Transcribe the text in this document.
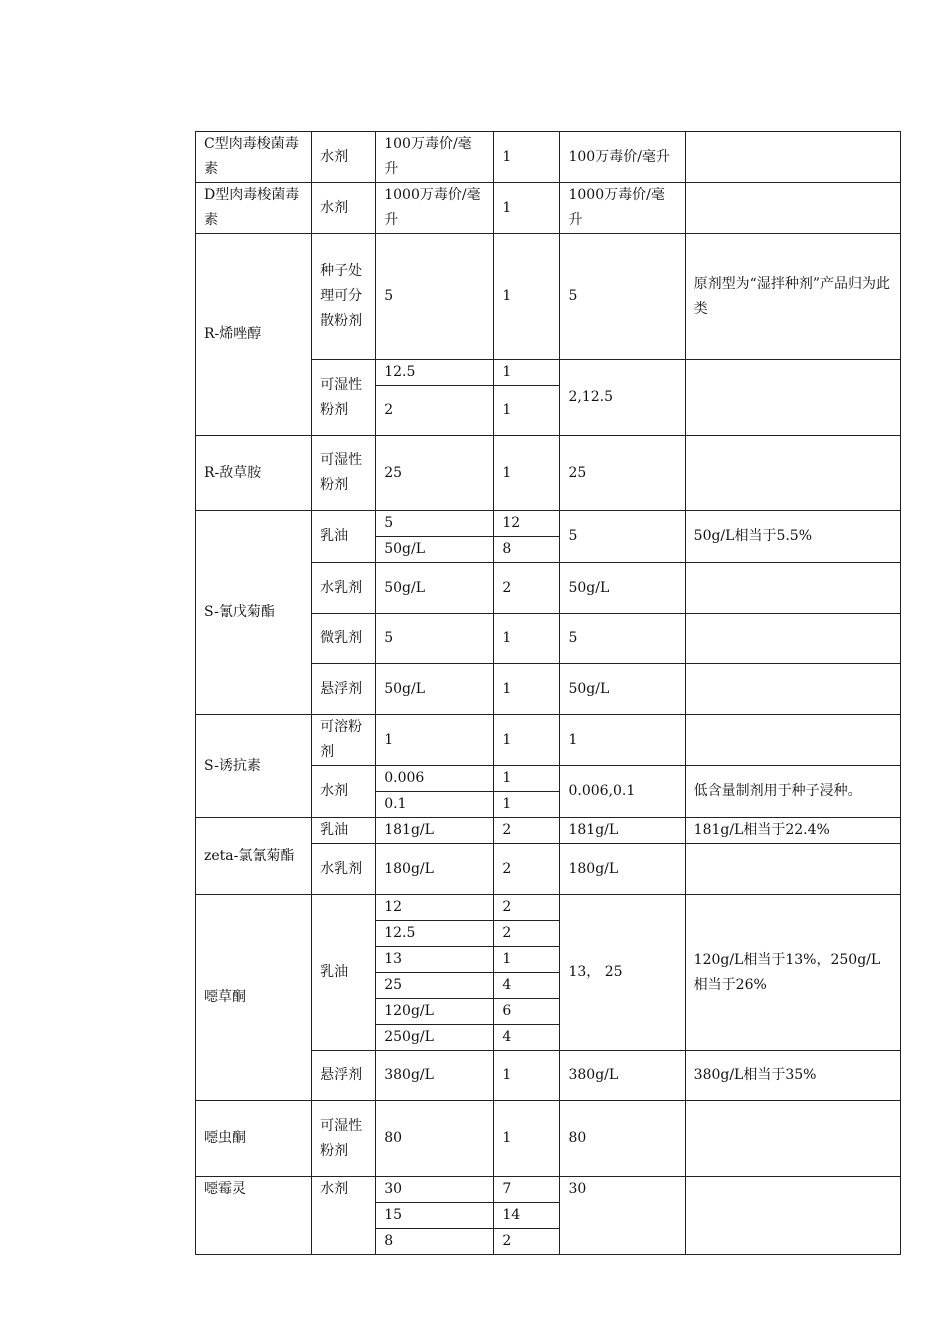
C型肉毒梭菌毒素	水剂	100万毒价/毫升	1	100万毒价/毫升	
D型肉毒梭菌毒素	水剂	1000万毒价/毫升	1	1000万毒价/毫升	
R-烯唑醇	种子处理可分散粉剂	5	1	5	原剂型为“湿拌种剂”产品归为此类
	可湿性粉剂	12.5	1	2,12.5	
		2	1		
R-敌草胺	可湿性粉剂	25	1	25	
S-氰戊菊酯	乳油	5	12	5	50g/L相当于5.5%
		50g/L	8		
	水乳剂	50g/L	2	50g/L	
	微乳剂	5	1	5	
	悬浮剂	50g/L	1	50g/L	
S-诱抗素	可溶粉剂	1	1	1	
	水剂	0.006	1	0.006,0.1	低含量制剂用于种子浸种。
		0.1	1		
zeta-氯氰菊酯	乳油	181g/L	2	181g/L	181g/L相当于22.4%
	水乳剂	180g/L	2	180g/L	
噁草酮	乳油	12	2	13， 25	120g/L相当于13%，250g/L相当于26%
		12.5	2		
		13	1		
		25	4		
		120g/L	6		
		250g/L	4		
	悬浮剂	380g/L	1	380g/L	380g/L相当于35%
噁虫酮	可湿性粉剂	80	1	80	
噁霉灵	水剂	30	7	30	
		15	14		
		8	2		
